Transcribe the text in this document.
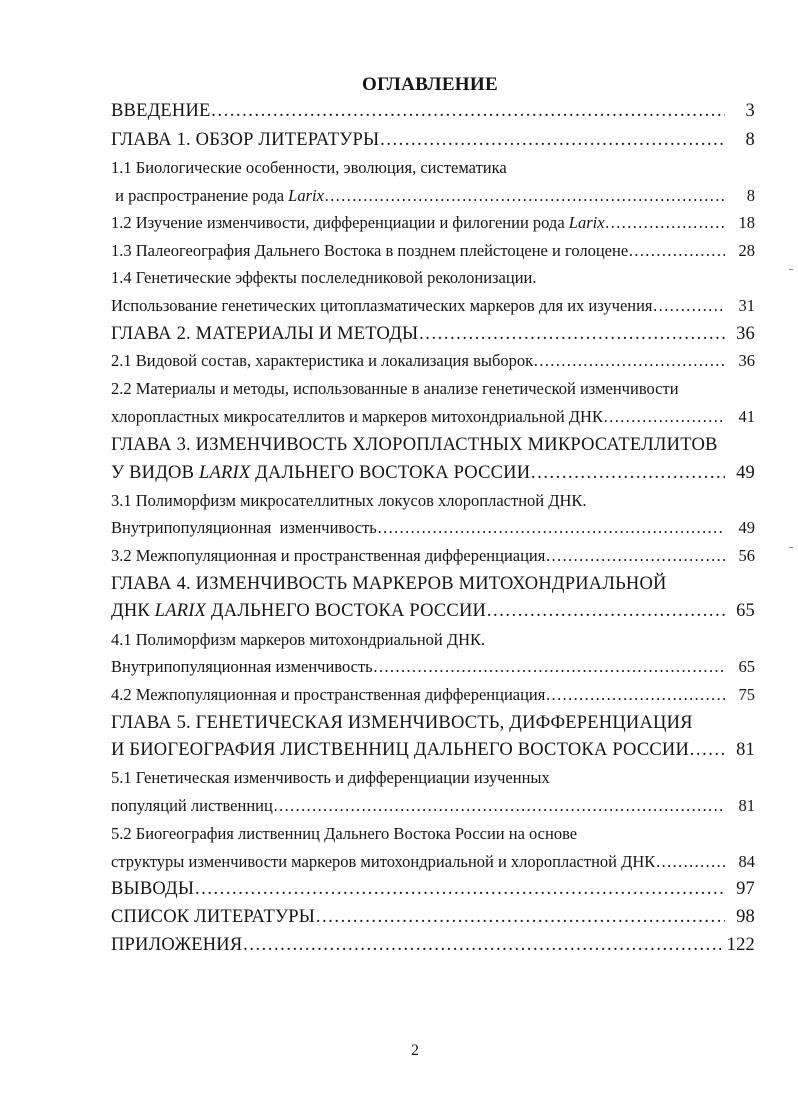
ОГЛАВЛЕНИЕ
ВВЕДЕНИЕ ………………………………………………………………………………………………………………………………………………………………………………………………………………………………………………	3
ГЛАВА 1. ОБЗОР ЛИТЕРАТУРЫ ………………………………………………………………………………………………………………………………………………………………………………………………………………………………………………	8
1.1 Биологические особенности, эволюция, систематика
и распространение рода Larix ………………………………………………………………………………………………………………………………………………………………………………………………………………………………………………	8
1.2 Изучение изменчивости, дифференциации и филогении рода Larix ………………………………………………………………………………………………………………………………………………………………………………………………………………………………………………	18
1.3 Палеогеография Дальнего Востока в позднем плейстоцене и голоцене ………………………………………………………………………………………………………………………………………………………………………………………………………………………………………………	28
1.4 Генетические эффекты послеледниковой реколонизации.
Использование генетических цитоплазматических маркеров для их изучения ………………………………………………………………………………………………………………………………………………………………………………………………………………………………………………	31
ГЛАВА 2. МАТЕРИАЛЫ И МЕТОДЫ ………………………………………………………………………………………………………………………………………………………………………………………………………………………………………………	36
2.1 Видовой состав, характеристика и локализация выборок ………………………………………………………………………………………………………………………………………………………………………………………………………………………………………………	36
2.2 Материалы и методы, использованные в анализе генетической изменчивости
хлоропластных микросателлитов и маркеров митохондриальной ДНК ………………………………………………………………………………………………………………………………………………………………………………………………………………………………………………	41
ГЛАВА 3. ИЗМЕНЧИВОСТЬ ХЛОРОПЛАСТНЫХ МИКРОСАТЕЛЛИТОВ
У ВИДОВ LARIX ДАЛЬНЕГО ВОСТОКА РОССИИ ………………………………………………………………………………………………………………………………………………………………………………………………………………………………………………	49
3.1 Полиморфизм микросателлитных локусов хлоропластной ДНК.
Внутрипопуляционная  изменчивость ………………………………………………………………………………………………………………………………………………………………………………………………………………………………………………	49
3.2 Межпопуляционная и пространственная дифференциация ………………………………………………………………………………………………………………………………………………………………………………………………………………………………………………	56
ГЛАВА 4. ИЗМЕНЧИВОСТЬ МАРКЕРОВ МИТОХОНДРИАЛЬНОЙ
ДНК LARIX ДАЛЬНЕГО ВОСТОКА РОССИИ ………………………………………………………………………………………………………………………………………………………………………………………………………………………………………………	65
4.1 Полиморфизм маркеров митохондриальной ДНК.
Внутрипопуляционная изменчивость ………………………………………………………………………………………………………………………………………………………………………………………………………………………………………………	65
4.2 Межпопуляционная и пространственная дифференциация ………………………………………………………………………………………………………………………………………………………………………………………………………………………………………………	75
ГЛАВА 5. ГЕНЕТИЧЕСКАЯ ИЗМЕНЧИВОСТЬ, ДИФФЕРЕНЦИАЦИЯ
И БИОГЕОГРАФИЯ ЛИСТВЕННИЦ ДАЛЬНЕГО ВОСТОКА РОССИИ ………………………………………………………………………………………………………………………………………………………………………………………………………………………………………………	81
5.1 Генетическая изменчивость и дифференциации изученных
популяций лиственниц ………………………………………………………………………………………………………………………………………………………………………………………………………………………………………………	81
5.2 Биогеография лиственниц Дальнего Востока России на основе
структуры изменчивости маркеров митохондриальной и хлоропластной ДНК ………………………………………………………………………………………………………………………………………………………………………………………………………………………………………………	84
ВЫВОДЫ ………………………………………………………………………………………………………………………………………………………………………………………………………………………………………………	97
СПИСОК ЛИТЕРАТУРЫ ………………………………………………………………………………………………………………………………………………………………………………………………………………………………………………	98
ПРИЛОЖЕНИЯ ………………………………………………………………………………………………………………………………………………………………………………………………………………………………………………	122
2
